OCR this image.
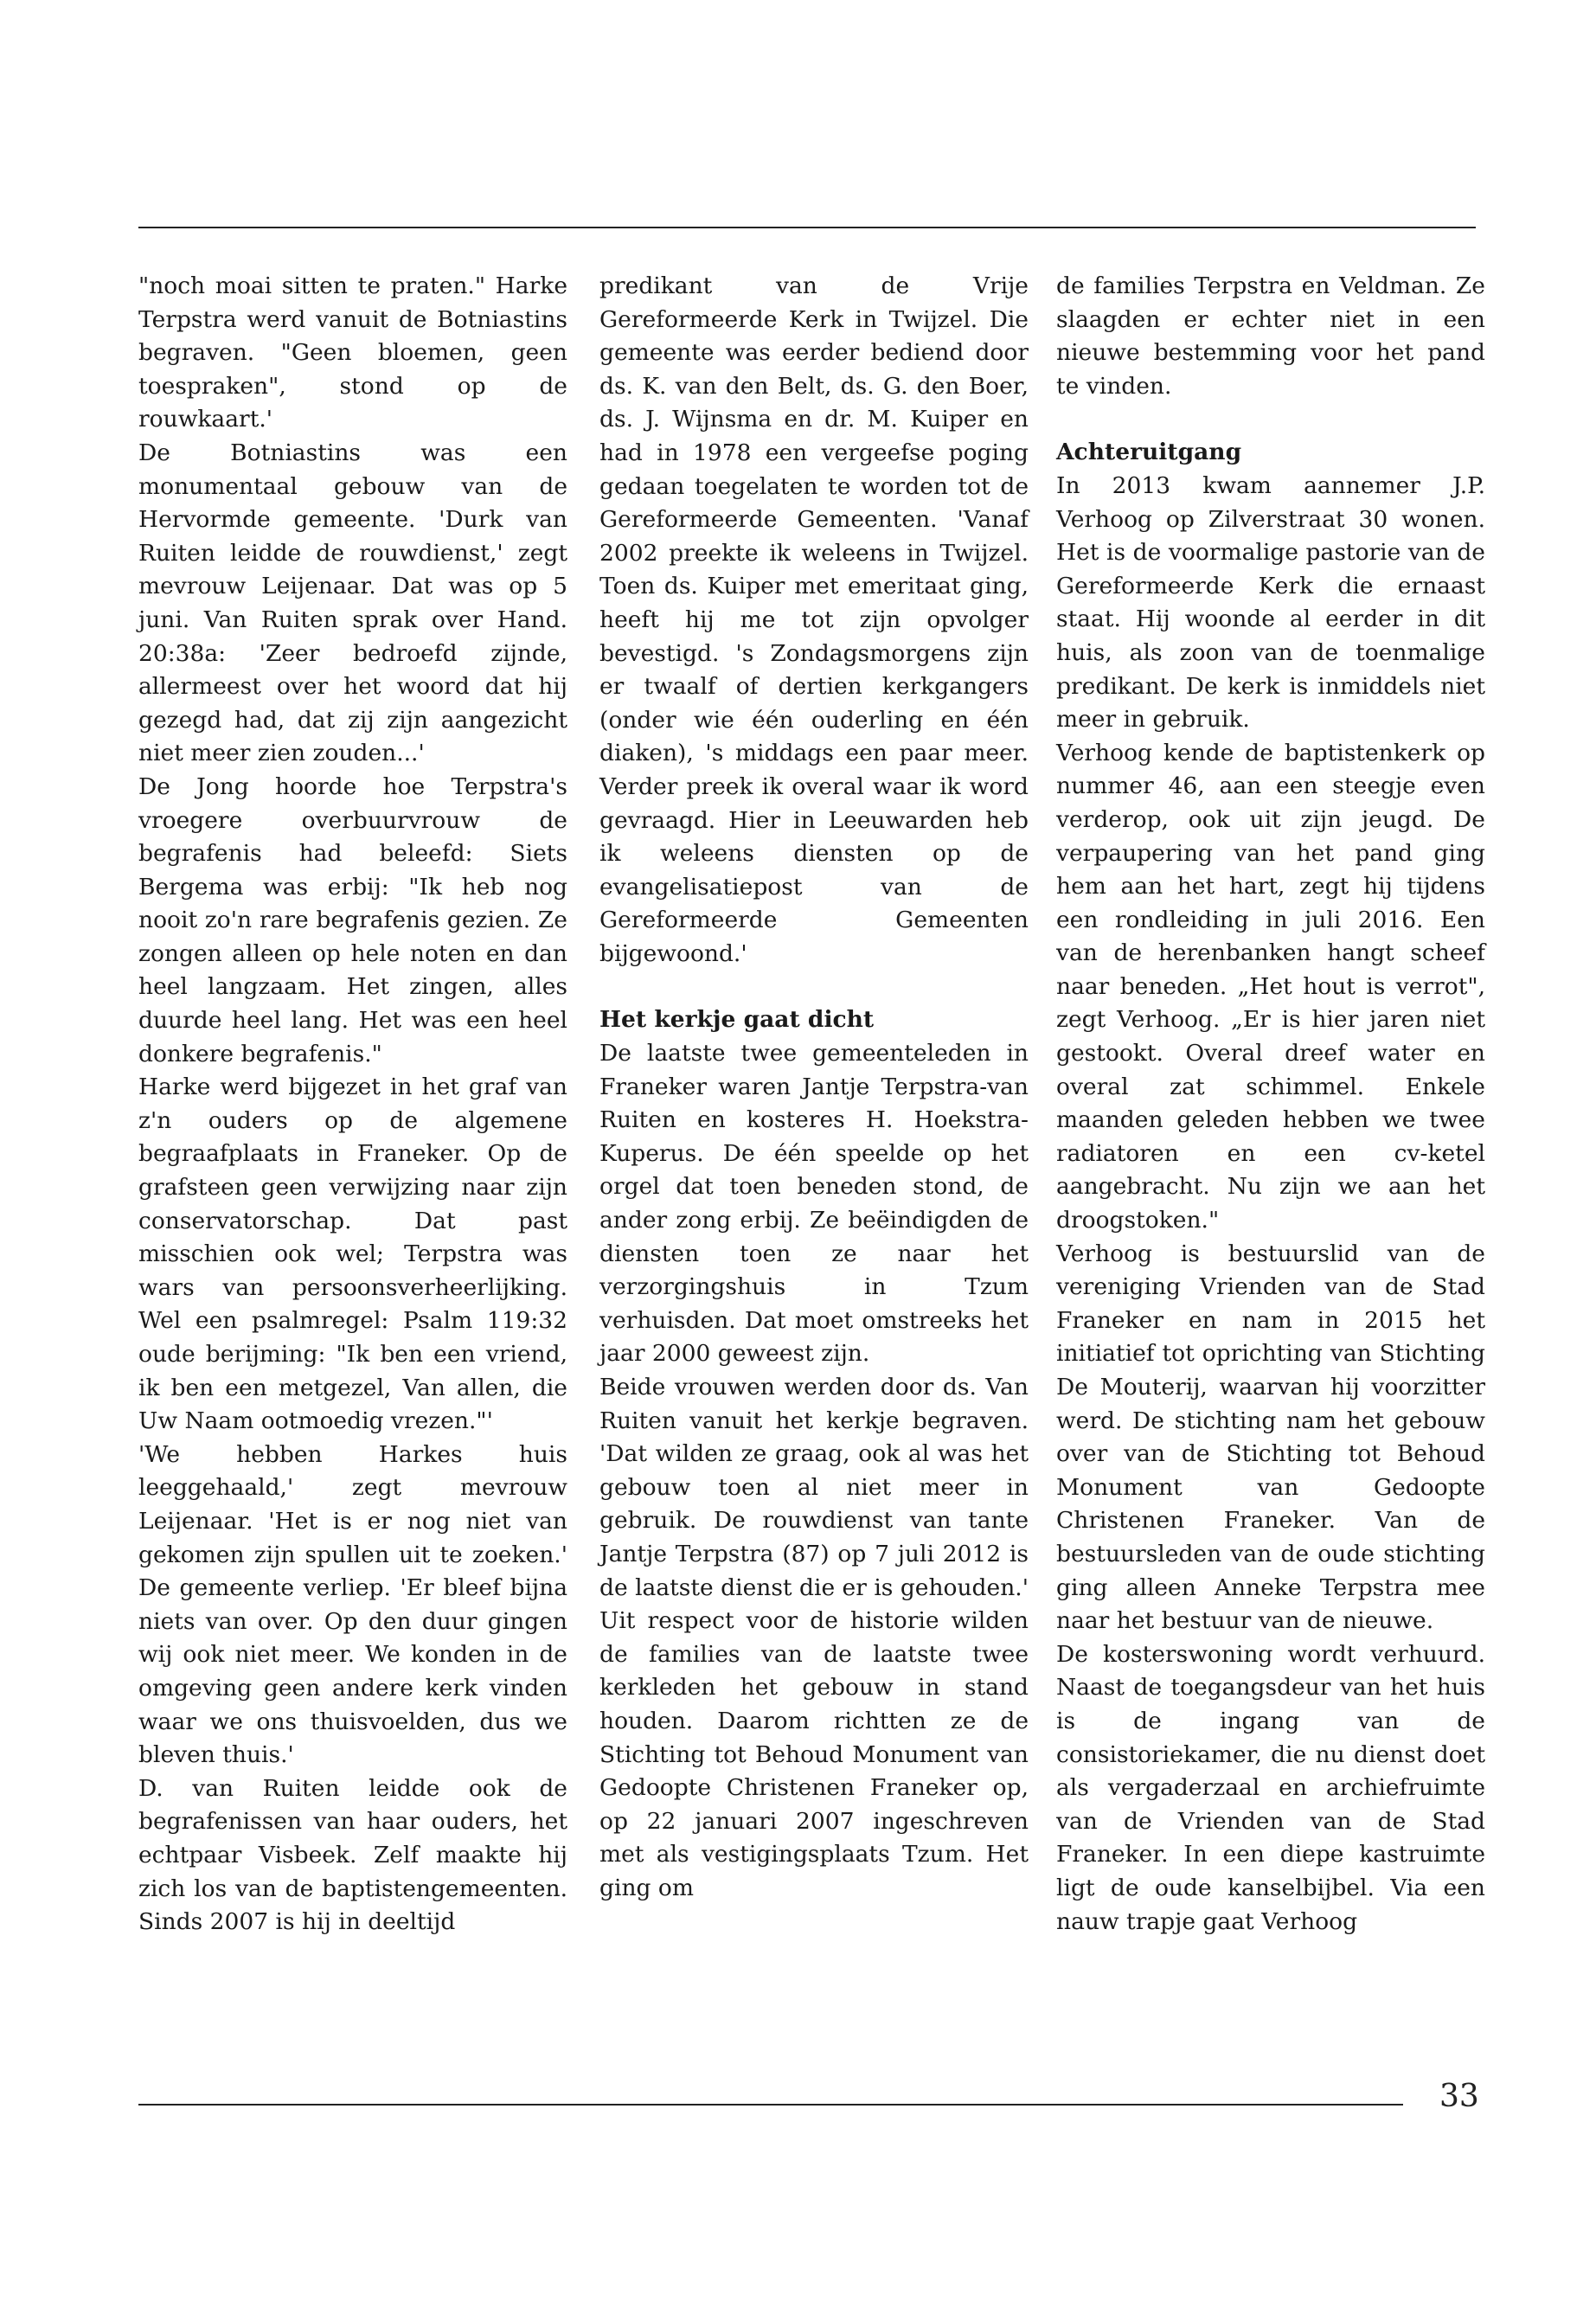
"noch moai sitten te praten." Harke Terpstra werd vanuit de Botniastins begraven. "Geen bloemen, geen toespraken", stond op de rouwkaart.'

De Botniastins was een monumentaal gebouw van de Hervormde gemeente. 'Durk van Ruiten leidde de rouwdienst,' zegt mevrouw Leijenaar. Dat was op 5 juni. Van Ruiten sprak over Hand. 20:38a: 'Zeer bedroefd zijnde, allermeest over het woord dat hij gezegd had, dat zij zijn aangezicht niet meer zien zouden...'

De Jong hoorde hoe Terpstra's vroegere overbuurvrouw de begrafenis had beleefd: Siets Bergema was erbij: "Ik heb nog nooit zo'n rare begrafenis gezien. Ze zongen alleen op hele noten en dan heel langzaam. Het zingen, alles duurde heel lang. Het was een heel donkere begrafenis."

Harke werd bijgezet in het graf van z'n ouders op de algemene begraafplaats in Franeker. Op de grafsteen geen verwijzing naar zijn conservatorschap. Dat past misschien ook wel; Terpstra was wars van persoonsverheerlijking. Wel een psalmregel: Psalm 119:32 oude berijming: "Ik ben een vriend, ik ben een metgezel, Van allen, die Uw Naam ootmoedig vrezen."'

'We hebben Harkes huis leeggehaald,' zegt mevrouw Leijenaar. 'Het is er nog niet van gekomen zijn spullen uit te zoeken.' De gemeente verliep. 'Er bleef bijna niets van over. Op den duur gingen wij ook niet meer. We konden in de omgeving geen andere kerk vinden waar we ons thuisvoelden, dus we bleven thuis.'

D. van Ruiten leidde ook de begrafenissen van haar ouders, het echtpaar Visbeek. Zelf maakte hij zich los van de baptistengemeenten. Sinds 2007 is hij in deeltijd

predikant van de Vrije Gereformeerde Kerk in Twijzel. Die gemeente was eerder bediend door ds. K. van den Belt, ds. G. den Boer, ds. J. Wijnsma en dr. M. Kuiper en had in 1978 een vergeefse poging gedaan toegelaten te worden tot de Gereformeerde Gemeenten. 'Vanaf 2002 preekte ik weleens in Twijzel. Toen ds. Kuiper met emeritaat ging, heeft hij me tot zijn opvolger bevestigd. 's Zondagsmorgens zijn er twaalf of dertien kerkgangers (onder wie één ouderling en één diaken), 's middags een paar meer. Verder preek ik overal waar ik word gevraagd. Hier in Leeuwarden heb ik weleens diensten op de evangelisatiepost van de Gereformeerde Gemeenten bijgewoond.'

Het kerkje gaat dicht

De laatste twee gemeenteleden in Franeker waren Jantje Terpstra-van Ruiten en kosteres H. Hoekstra-Kuperus. De één speelde op het orgel dat toen beneden stond, de ander zong erbij. Ze beëindigden de diensten toen ze naar het verzorgingshuis in Tzum verhuisden. Dat moet omstreeks het jaar 2000 geweest zijn.

Beide vrouwen werden door ds. Van Ruiten vanuit het kerkje begraven. 'Dat wilden ze graag, ook al was het gebouw toen al niet meer in gebruik. De rouwdienst van tante Jantje Terpstra (87) op 7 juli 2012 is de laatste dienst die er is gehouden.'

Uit respect voor de historie wilden de families van de laatste twee kerkleden het gebouw in stand houden. Daarom richtten ze de Stichting tot Behoud Monument van Gedoopte Christenen Franeker op, op 22 januari 2007 ingeschreven met als vestigingsplaats Tzum. Het ging om

de families Terpstra en Veldman. Ze slaagden er echter niet in een nieuwe bestemming voor het pand te vinden.

Achteruitgang

In 2013 kwam aannemer J.P. Verhoog op Zilverstraat 30 wonen. Het is de voormalige pastorie van de Gereformeerde Kerk die ernaast staat. Hij woonde al eerder in dit huis, als zoon van de toenmalige predikant. De kerk is inmiddels niet meer in gebruik.

Verhoog kende de baptistenkerk op nummer 46, aan een steegje even verderop, ook uit zijn jeugd. De verpaupering van het pand ging hem aan het hart, zegt hij tijdens een rondleiding in juli 2016. Een van de herenbanken hangt scheef naar beneden. „Het hout is verrot", zegt Verhoog. „Er is hier jaren niet gestookt. Overal dreef water en overal zat schimmel. Enkele maanden geleden hebben we twee radiatoren en een cv-ketel aangebracht. Nu zijn we aan het droogstoken."

Verhoog is bestuurslid van de vereniging Vrienden van de Stad Franeker en nam in 2015 het initiatief tot oprichting van Stichting De Mouterij, waarvan hij voorzitter werd. De stichting nam het gebouw over van de Stichting tot Behoud Monument van Gedoopte Christenen Franeker. Van de bestuursleden van de oude stichting ging alleen Anneke Terpstra mee naar het bestuur van de nieuwe.

De kosterswoning wordt verhuurd. Naast de toegangsdeur van het huis is de ingang van de consistoriekamer, die nu dienst doet als vergaderzaal en archiefruimte van de Vrienden van de Stad Franeker. In een diepe kastruimte ligt de oude kanselbijbel. Via een nauw trapje gaat Verhoog

33
